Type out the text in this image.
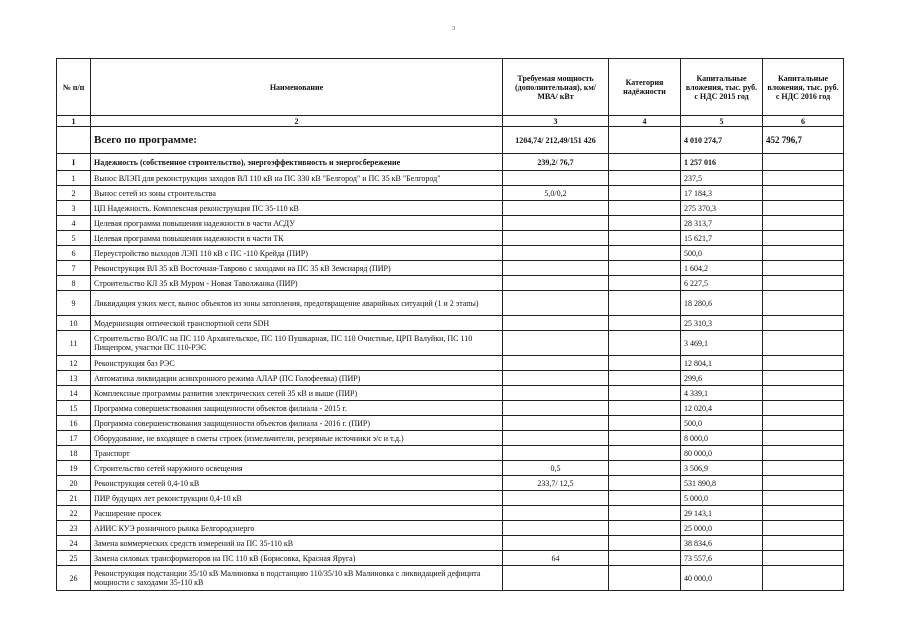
3
№ п/п	Наименование	Требуемая мощность (дополнительная), км/ МВА/ кВт	Категория надёжности	Капитальные вложения, тыс. руб. с НДС 2015 год	Капитальные вложения, тыс. руб. с НДС 2016 год
1	2	3	4	5	6
	Всего по программе:	1204,74/ 212,49/151 426		4 010 274,7	452 796,7
I	Надежность (собственное строительство), энергоэффективность и энергосбережение	239,2/ 76,7		1 257 016	
1	Вынос ВЛЭП для реконструкции заходов ВЛ 110 кВ на ПС 330 кВ "Белгород" и ПС 35 кВ "Белгород"			237,5	
2	Вынос сетей из зоны строительства	5,0/0,2		17 184,3	
3	ЦП Надежность. Комплексная реконструкция ПС 35-110 кВ			275 370,3	
4	Целевая программа повышения надежности в части АСДУ			28 313,7	
5	Целевая программа повышения надежности в части ТК			15 621,7	
6	Переустройство выходов ЛЭП 110 кВ с ПС -110 Крейда (ПИР)			500,0	
7	Реконструкция ВЛ 35 кВ Восточная-Таврово с заходами на ПС 35 кВ Земснаряд (ПИР)			1 604,2	
8	Строительство КЛ 35 кВ Муром - Новая Таволжанка (ПИР)			6 227,5	
9	Ликвидация узких мест, вынос объектов из зоны затопления, предотвращение аварийных ситуаций (1 и 2 этапы)			18 280,6	
10	Модернизация оптической транспортной сети SDH			25 310,3	
11	Строительство ВОЛС на ПС 110 Архангельское, ПС 110 Пушкарная, ПС 110 Очистные, ЦРП Валуйки, ПС 110 Пищепром, участки ПС 110-РЭС			3 469,1	
12	Реконструкция баз РЭС			12 804,1	
13	Автоматика ликвидации асинхронного режима АЛАР (ПС Голофеевка) (ПИР)			299,6	
14	Комплексные программы развития электрических сетей 35 кВ и выше (ПИР)			4 339,1	
15	Программа совершенствования защищенности объектов филиала - 2015 г.			12 020,4	
16	Программа совершенствования защищенности объектов филиала - 2016 г. (ПИР)			500,0	
17	Оборудование, не входящее в сметы строек (измельчители, резервные источники э/с и т.д.)			8 000,0	
18	Транспорт			80 000,0	
19	Строительство сетей наружного освещения	0,5		3 506,9	
20	Реконструкция сетей 0,4-10 кВ	233,7/ 12,5		531 890,8	
21	ПИР будущих лет реконструкции 0,4-10 кВ			5 000,0	
22	Расширение просек			29 143,1	
23	АИИС КУЭ розничного рынка Белгородэнерго			25 000,0	
24	Замена коммерческих средств измерений на ПС 35-110 кВ			38 834,6	
25	Замена силовых трансформаторов на ПС 110 кВ (Борисовка, Красная Яруга)	64		73 557,6	
26	Реконструкция подстанции 35/10 кВ Малиновка в подстанцию 110/35/10 кВ Малиновка с ликвидацией дефицита мощности с заходами 35-110 кВ			40 000,0	
